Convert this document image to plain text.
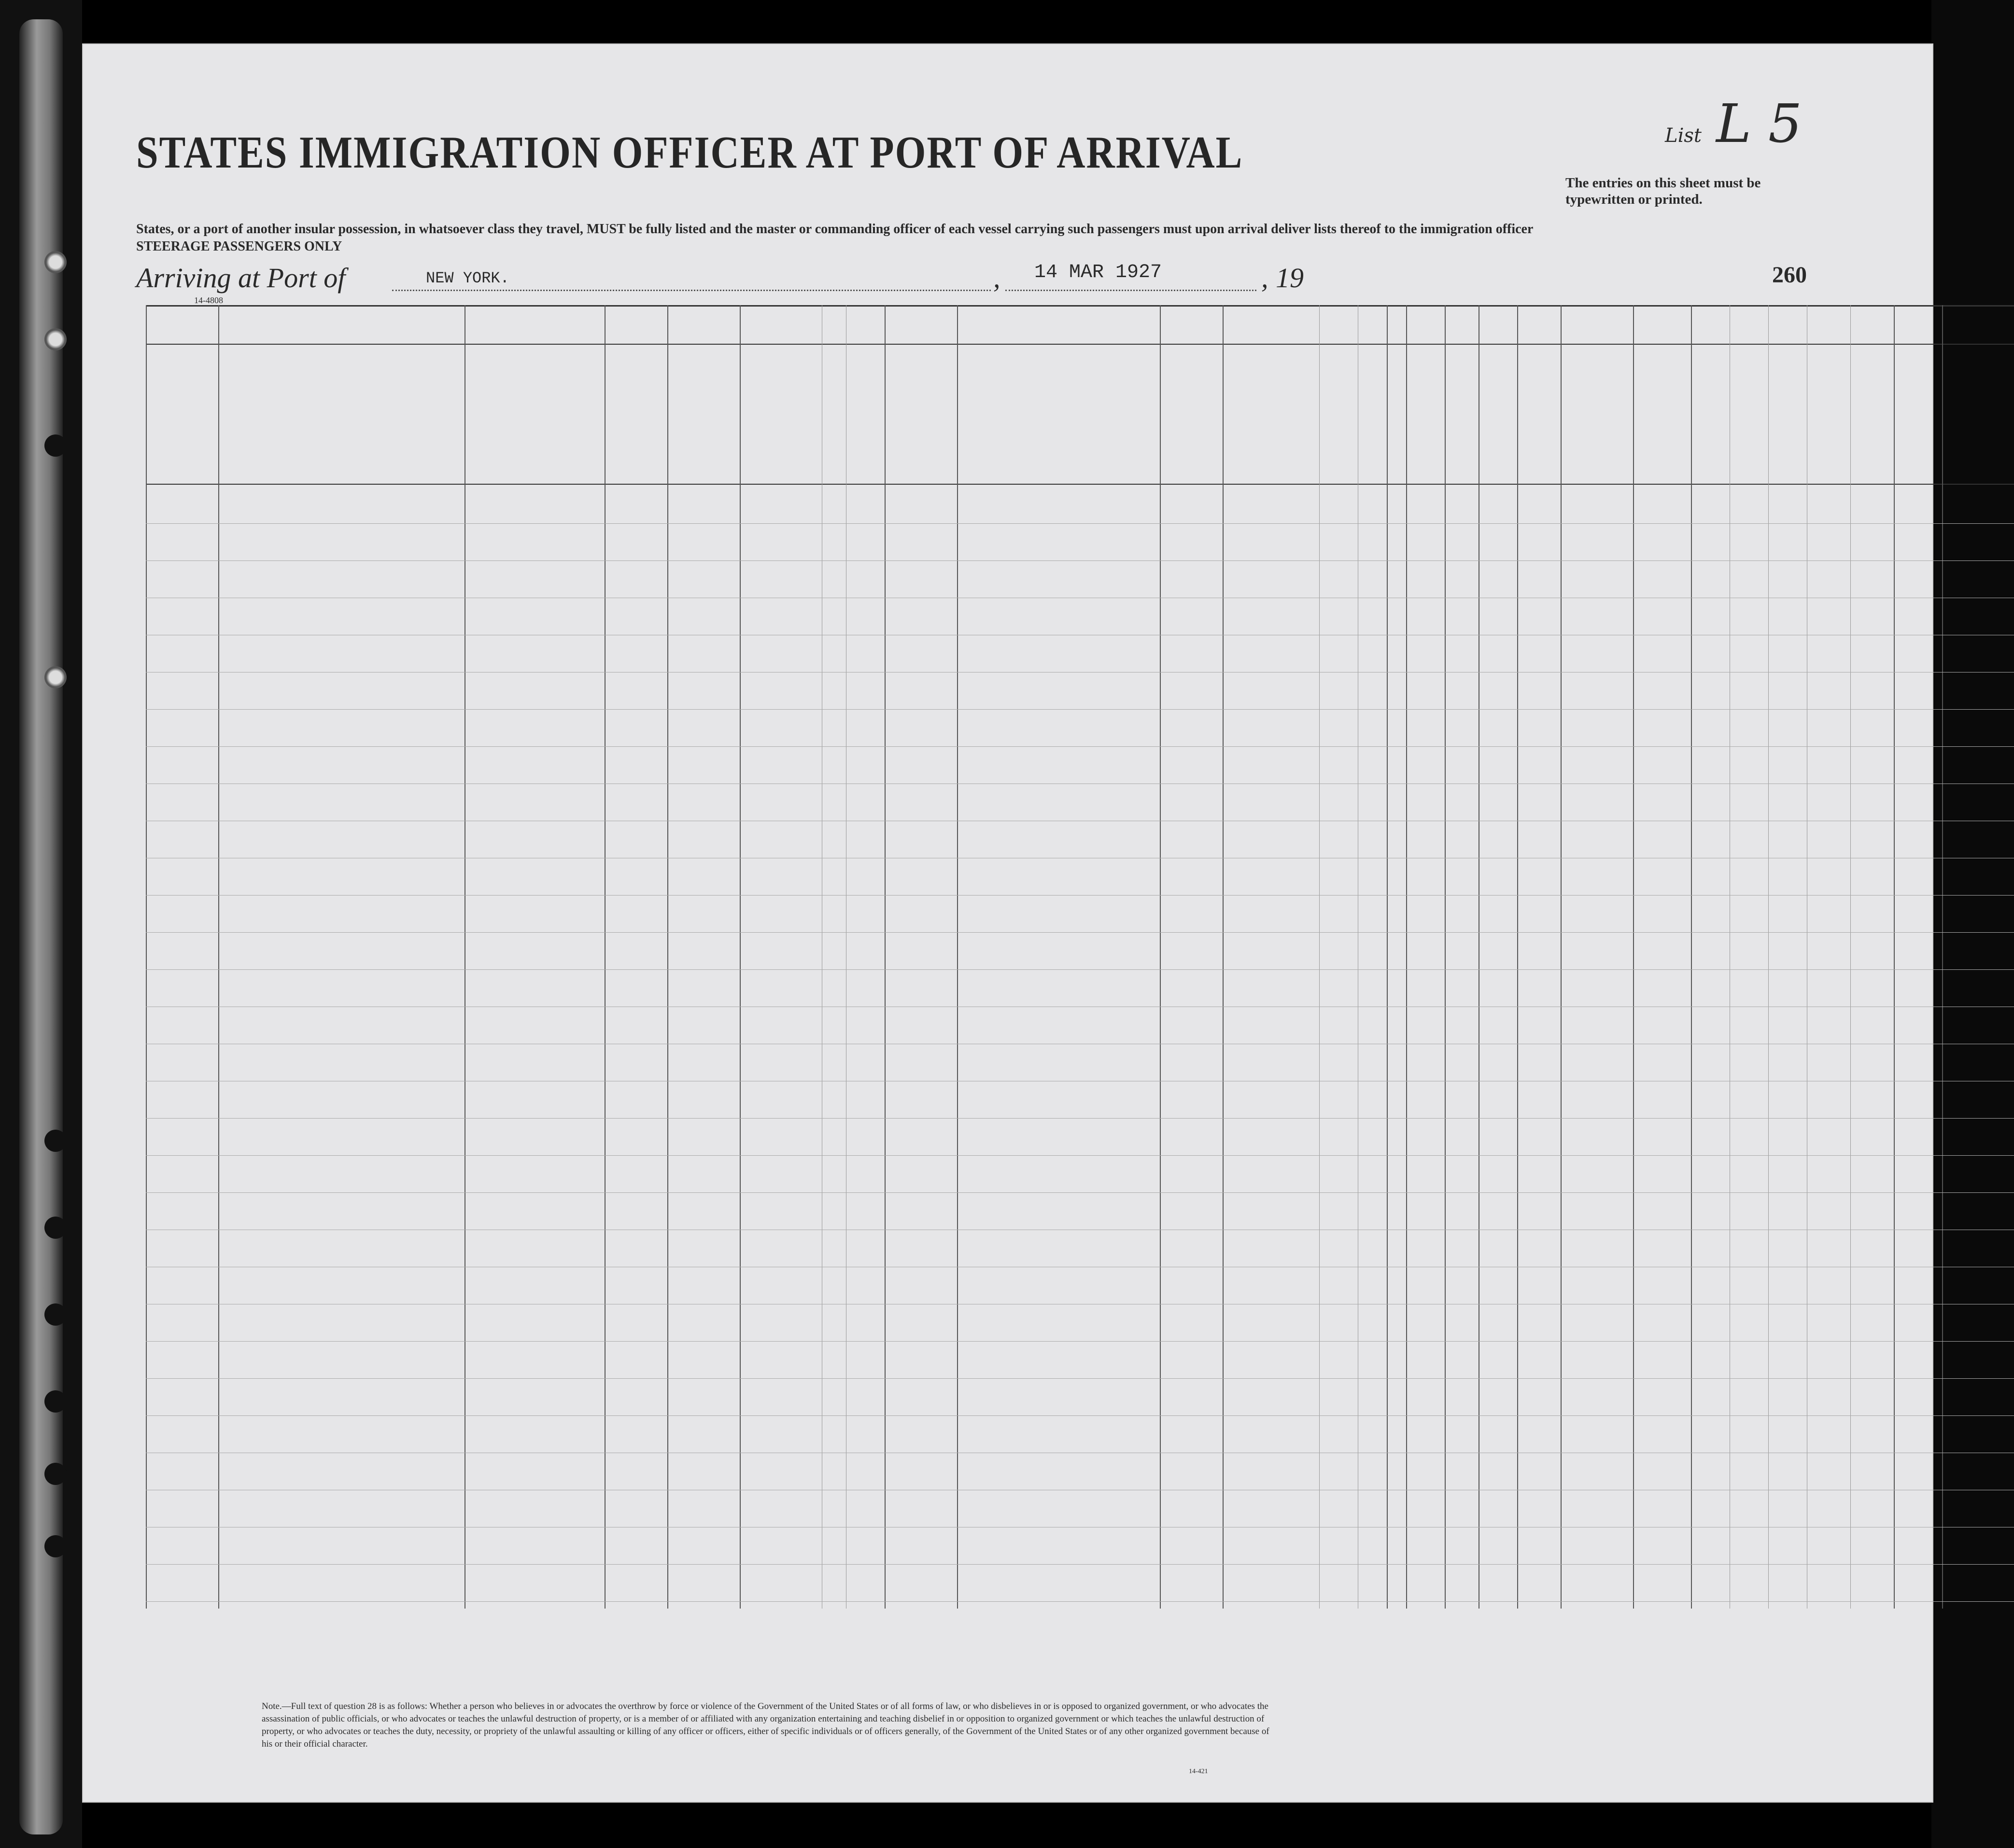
STATES IMMIGRATION OFFICER AT PORT OF ARRIVAL	List L 5
The entries on this sheet must be typewritten or printed.
States, or a port of another insular possession, in whatsoever class they travel, MUST be fully listed and the master or commanding officer of each vessel carrying such passengers must upon arrival deliver lists thereof to the immigration officer
STEERAGE PASSENGERS ONLY
Arriving at Port of	NEW YORK.	, 14 MAR 1927	, 19	260
14-4808
Note.—Full text of question 28 is as follows: Whether a person who believes in or advocates the overthrow by force or violence of the Government of the United States or of all forms of law, or who disbelieves in or is opposed to organized government, or who advocates the assassination of public officials, or who advocates or teaches the unlawful destruction of property, or is a member of or affiliated with any organization entertaining and teaching disbelief in or opposition to organized government or which teaches the unlawful destruction of property, or who advocates or teaches the duty, necessity, or propriety of the unlawful assaulting or killing of any officer or officers, either of specific individuals or of officers generally, of the Government of the United States or of any other organized government because of his or their official character.
14-421
